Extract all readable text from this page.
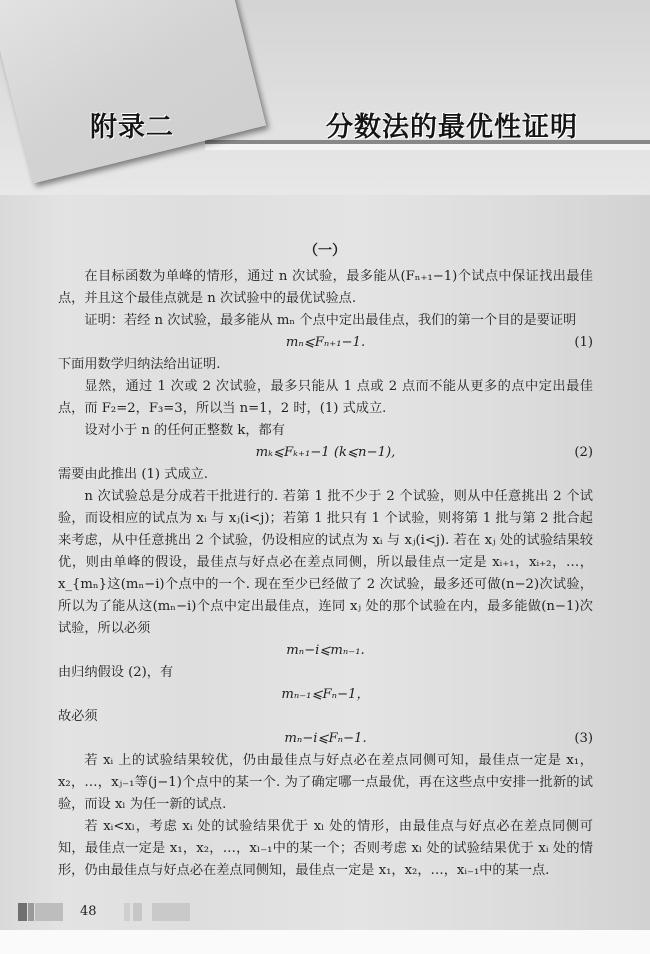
附录二	分数法的最优性证明
（一）

在目标函数为单峰的情形，通过 n 次试验，最多能从(Fₙ₊₁−1)个试点中保证找出最佳点，并且这个最佳点就是 n 次试验中的最优试验点.

证明：若经 n 次试验，最多能从 mₙ 个点中定出最佳点，我们的第一个目的是要证明

mₙ⩽Fₙ₊₁−1.	(1)

下面用数学归纳法给出证明.

显然，通过 1 次或 2 次试验，最多只能从 1 点或 2 点而不能从更多的点中定出最佳点，而 F₂=2，F₃=3，所以当 n=1，2 时，(1) 式成立.

设对小于 n 的任何正整数 k，都有

mₖ⩽Fₖ₊₁−1 (k⩽n−1),	(2)

需要由此推出 (1) 式成立.

n 次试验总是分成若干批进行的. 若第 1 批不少于 2 个试验，则从中任意挑出 2 个试验，而设相应的试点为 xᵢ 与 xⱼ(i<j)；若第 1 批只有 1 个试验，则将第 1 批与第 2 批合起来考虑，从中任意挑出 2 个试验，仍设相应的试点为 xᵢ 与 xⱼ(i<j). 若在 xⱼ 处的试验结果较优，则由单峰的假设，最佳点与好点必在差点同侧，所以最佳点一定是 xᵢ₊₁，xᵢ₊₂，…，x_{mₙ}这(mₙ−i)个点中的一个. 现在至少已经做了 2 次试验，最多还可做(n−2)次试验，所以为了能从这(mₙ−i)个点中定出最佳点，连同 xⱼ 处的那个试验在内，最多能做(n−1)次试验，所以必须

mₙ−i⩽mₙ₋₁.

由归纳假设 (2)，有

mₙ₋₁⩽Fₙ−1，

故必须

mₙ−i⩽Fₙ−1.	(3)

若 xᵢ 上的试验结果较优，仍由最佳点与好点必在差点同侧可知，最佳点一定是 x₁，x₂，…，xⱼ₋₁等(j−1)个点中的某一个. 为了确定哪一点最优，再在这些点中安排一批新的试验，而设 xₗ 为任一新的试点.

若 xᵢ<xₗ，考虑 xᵢ 处的试验结果优于 xₗ 处的情形，由最佳点与好点必在差点同侧可知，最佳点一定是 x₁，x₂，…，xₗ₋₁中的某一个；否则考虑 xₗ 处的试验结果优于 xᵢ 处的情形，仍由最佳点与好点必在差点同侧知，最佳点一定是 x₁，x₂，…，xᵢ₋₁中的某一点.

48
